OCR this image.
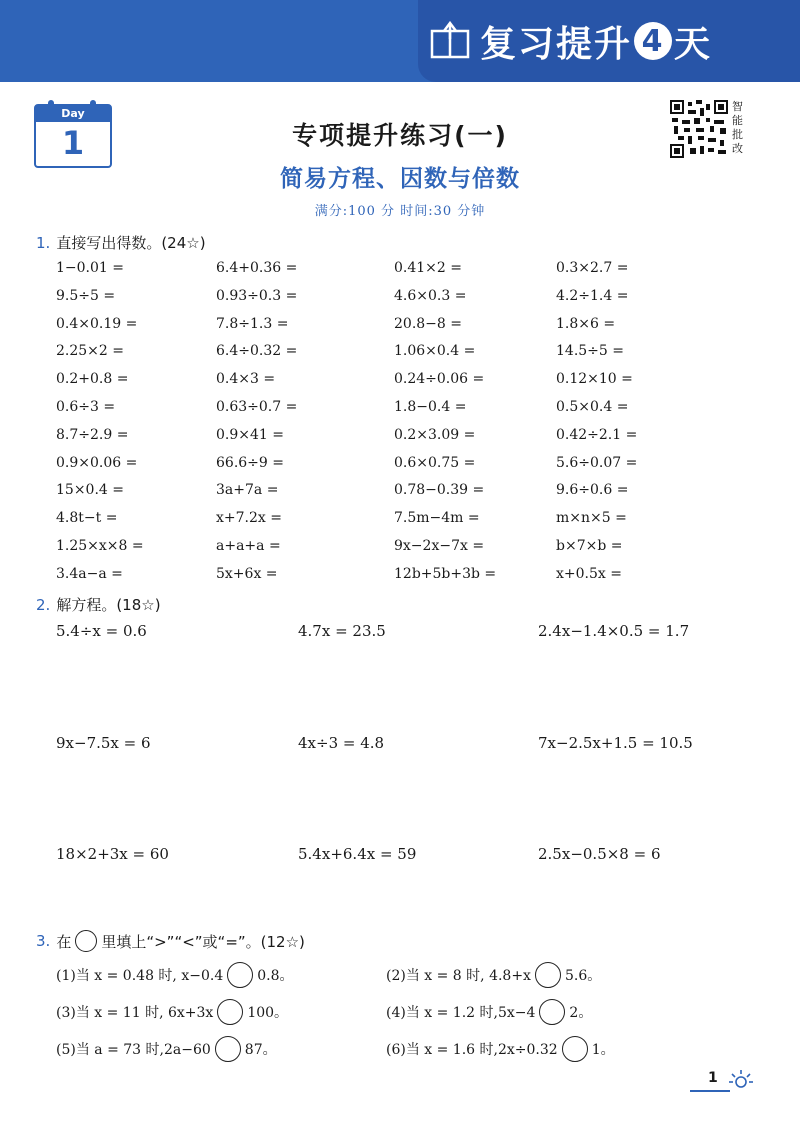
复习提升 4 天
Day
1	专项提升练习(一)
简易方程、因数与倍数
满分:100 分 时间:30 分钟
智能批改
1. 直接写出得数。(24☆)
1−0.01 =	6.4+0.36 =	0.41×2 =	0.3×2.7 =
9.5÷5 =	0.93÷0.3 =	4.6×0.3 =	4.2÷1.4 =
0.4×0.19 =	7.8÷1.3 =	20.8−8 =	1.8×6 =
2.25×2 =	6.4÷0.32 =	1.06×0.4 =	14.5÷5 =
0.2+0.8 =	0.4×3 =	0.24÷0.06 =	0.12×10 =
0.6÷3 =	0.63÷0.7 =	1.8−0.4 =	0.5×0.4 =
8.7÷2.9 =	0.9×41 =	0.2×3.09 =	0.42÷2.1 =
0.9×0.06 =	66.6÷9 =	0.6×0.75 =	5.6÷0.07 =
15×0.4 =	3a+7a =	0.78−0.39 =	9.6÷0.6 =
4.8t−t =	x+7.2x =	7.5m−4m =	m×n×5 =
1.25×x×8 =	a+a+a =	9x−2x−7x =	b×7×b =
3.4a−a =	5x+6x =	12b+5b+3b =	x+0.5x =
2. 解方程。(18☆)
5.4÷x = 0.6	4.7x = 23.5	2.4x−1.4×0.5 = 1.7
9x−7.5x = 6	4x÷3 = 4.8	7x−2.5x+1.5 = 10.5
18×2+3x = 60	5.4x+6.4x = 59	2.5x−0.5×8 = 6
3. 在 里填上“>”“<”或“=”。(12☆)
(1)当 x = 0.48 时, x−0.4 0.8。	(2)当 x = 8 时, 4.8+x 5.6。
(3)当 x = 11 时, 6x+3x 100。	(4)当 x = 1.2 时,5x−4 2。
(5)当 a = 73 时,2a−60 87。	(6)当 x = 1.6 时,2x÷0.32 1。
1
